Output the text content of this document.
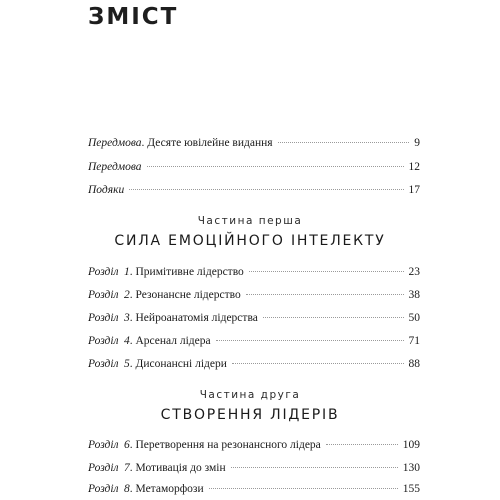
ЗМІСТ
Передмова . Десяте ювілейне видання	9
Передмова	12
Подяки	17
Частина перша
СИЛА ЕМОЦІЙНОГО ІНТЕЛЕКТУ
Розділ 1 . Примітивне лідерство	23
Розділ 2 . Резонансне лідерство	38
Розділ 3 . Нейроанатомія лідерства	50
Розділ 4 . Арсенал лідера	71
Розділ 5 . Дисонансні лідери	88
Частина друга
СТВОРЕННЯ ЛІДЕРІВ
Розділ 6 . Перетворення на резонансного лідера	109
Розділ 7 . Мотивація до змін	130
Розділ 8 . Метаморфози	155
